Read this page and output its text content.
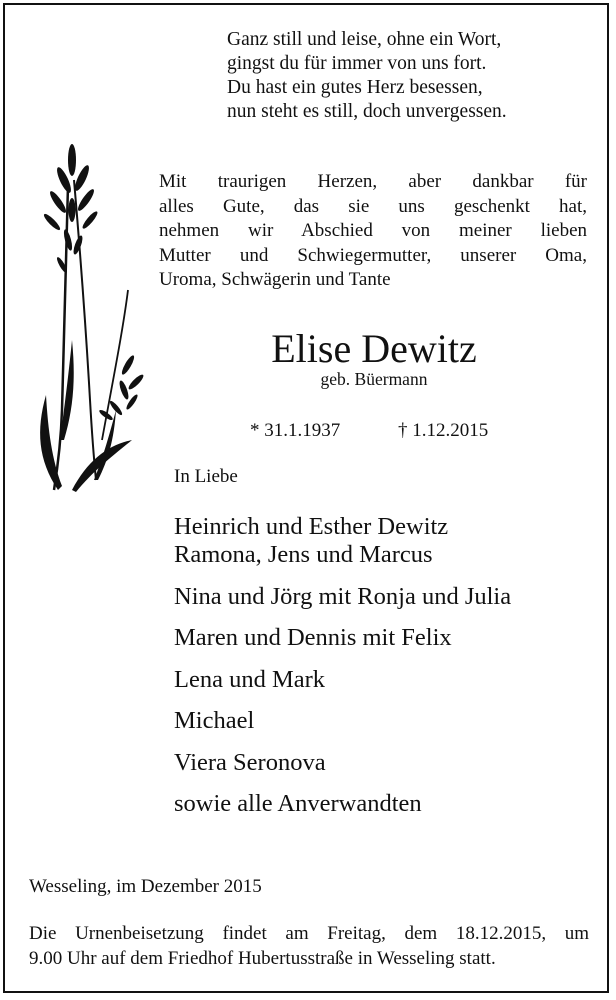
Ganz still und leise, ohne ein Wort,
gingst du für immer von uns fort.
Du hast ein gutes Herz besessen,
nun steht es still, doch unvergessen.
Mit traurigen Herzen, aber dankbar für
alles Gute, das sie uns geschenkt hat,
nehmen wir Abschied von meiner lieben
Mutter und Schwiegermutter, unserer Oma,
Uroma, Schwägerin und Tante
Elise Dewitz
geb. Büermann
* 31.1.1937	† 1.12.2015
In Liebe
Heinrich und Esther Dewitz
Ramona, Jens und Marcus
Nina und Jörg mit Ronja und Julia
Maren und Dennis mit Felix
Lena und Mark
Michael
Viera Seronova
sowie alle Anverwandten
Wesseling, im Dezember 2015
Die Urnenbeisetzung findet am Freitag, dem 18.12.2015, um
9.00 Uhr auf dem Friedhof Hubertusstraße in Wesseling statt.
